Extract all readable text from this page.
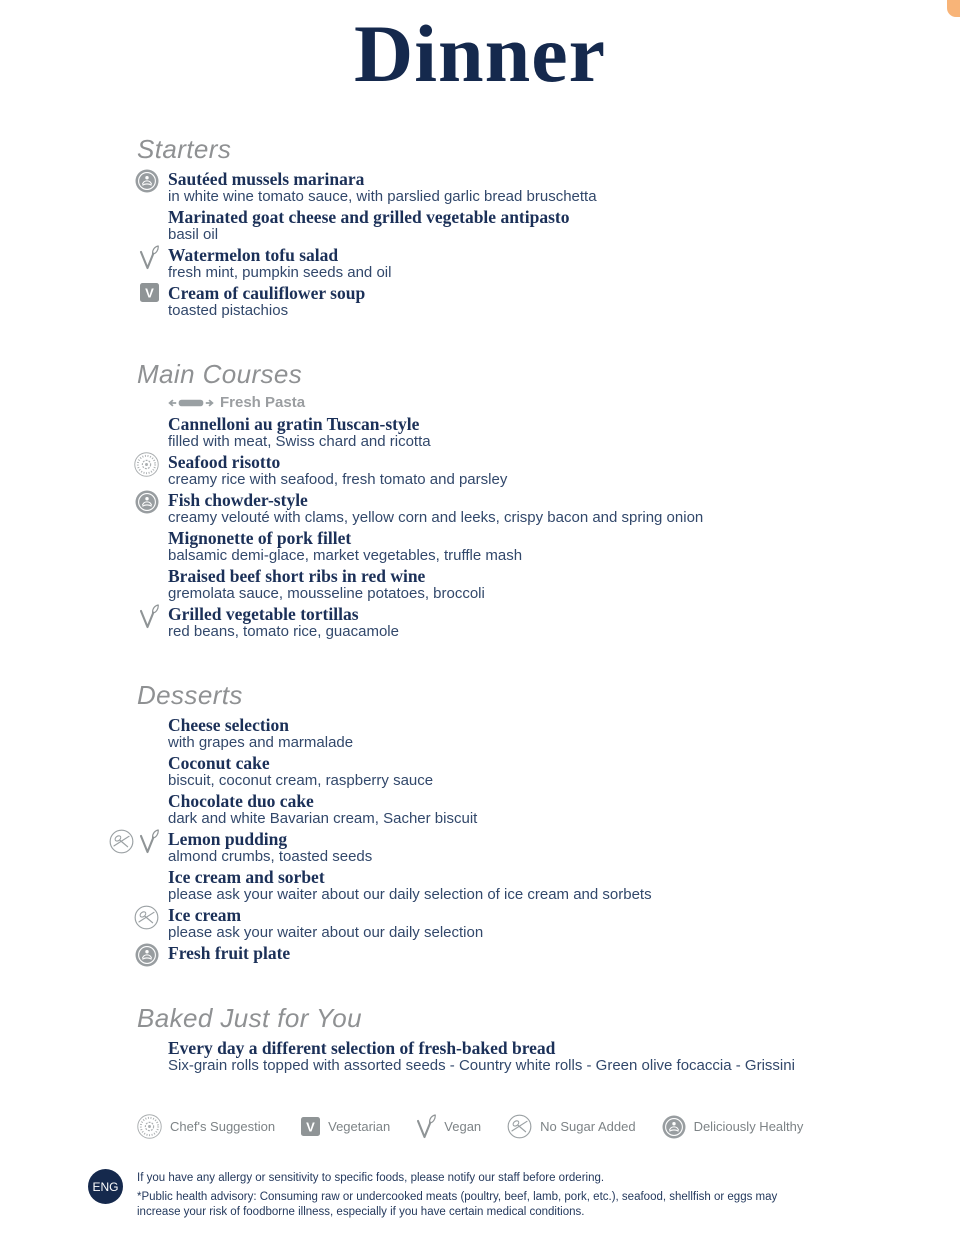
Dinner
Starters
Sautéed mussels marinara
in white wine tomato sauce, with parslied garlic bread bruschetta
Marinated goat cheese and grilled vegetable antipasto
basil oil
Watermelon tofu salad
fresh mint, pumpkin seeds and oil
V Cream of cauliflower soup
toasted pistachios
Main Courses
Fresh Pasta
Cannelloni au gratin Tuscan-style
filled with meat, Swiss chard and ricotta
Seafood risotto
creamy rice with seafood, fresh tomato and parsley
Fish chowder-style
creamy velouté with clams, yellow corn and leeks, crispy bacon and spring onion
Mignonette of pork fillet
balsamic demi-glace, market vegetables, truffle mash
Braised beef short ribs in red wine
gremolata sauce, mousseline potatoes, broccoli
Grilled vegetable tortillas
red beans, tomato rice, guacamole
Desserts
Cheese selection
with grapes and marmalade
Coconut cake
biscuit, coconut cream, raspberry sauce
Chocolate duo cake
dark and white Bavarian cream, Sacher biscuit
Lemon pudding
almond crumbs, toasted seeds
Ice cream and sorbet
please ask your waiter about our daily selection of ice cream and sorbets
Ice cream
please ask your waiter about our daily selection
Fresh fruit plate
Baked Just for You
Every day a different selection of fresh-baked bread
Six-grain rolls topped with assorted seeds - Country white rolls - Green olive focaccia - Grissini
Chef's Suggestion V Vegetarian	Vegan	No Sugar Added	Deliciously Healthy
ENG
If you have any allergy or sensitivity to specific foods, please notify our staff before ordering.
*Public health advisory: Consuming raw or undercooked meats (poultry, beef, lamb, pork, etc.), seafood, shellfish or eggs may increase your risk of foodborne illness, especially if you have certain medical conditions.
